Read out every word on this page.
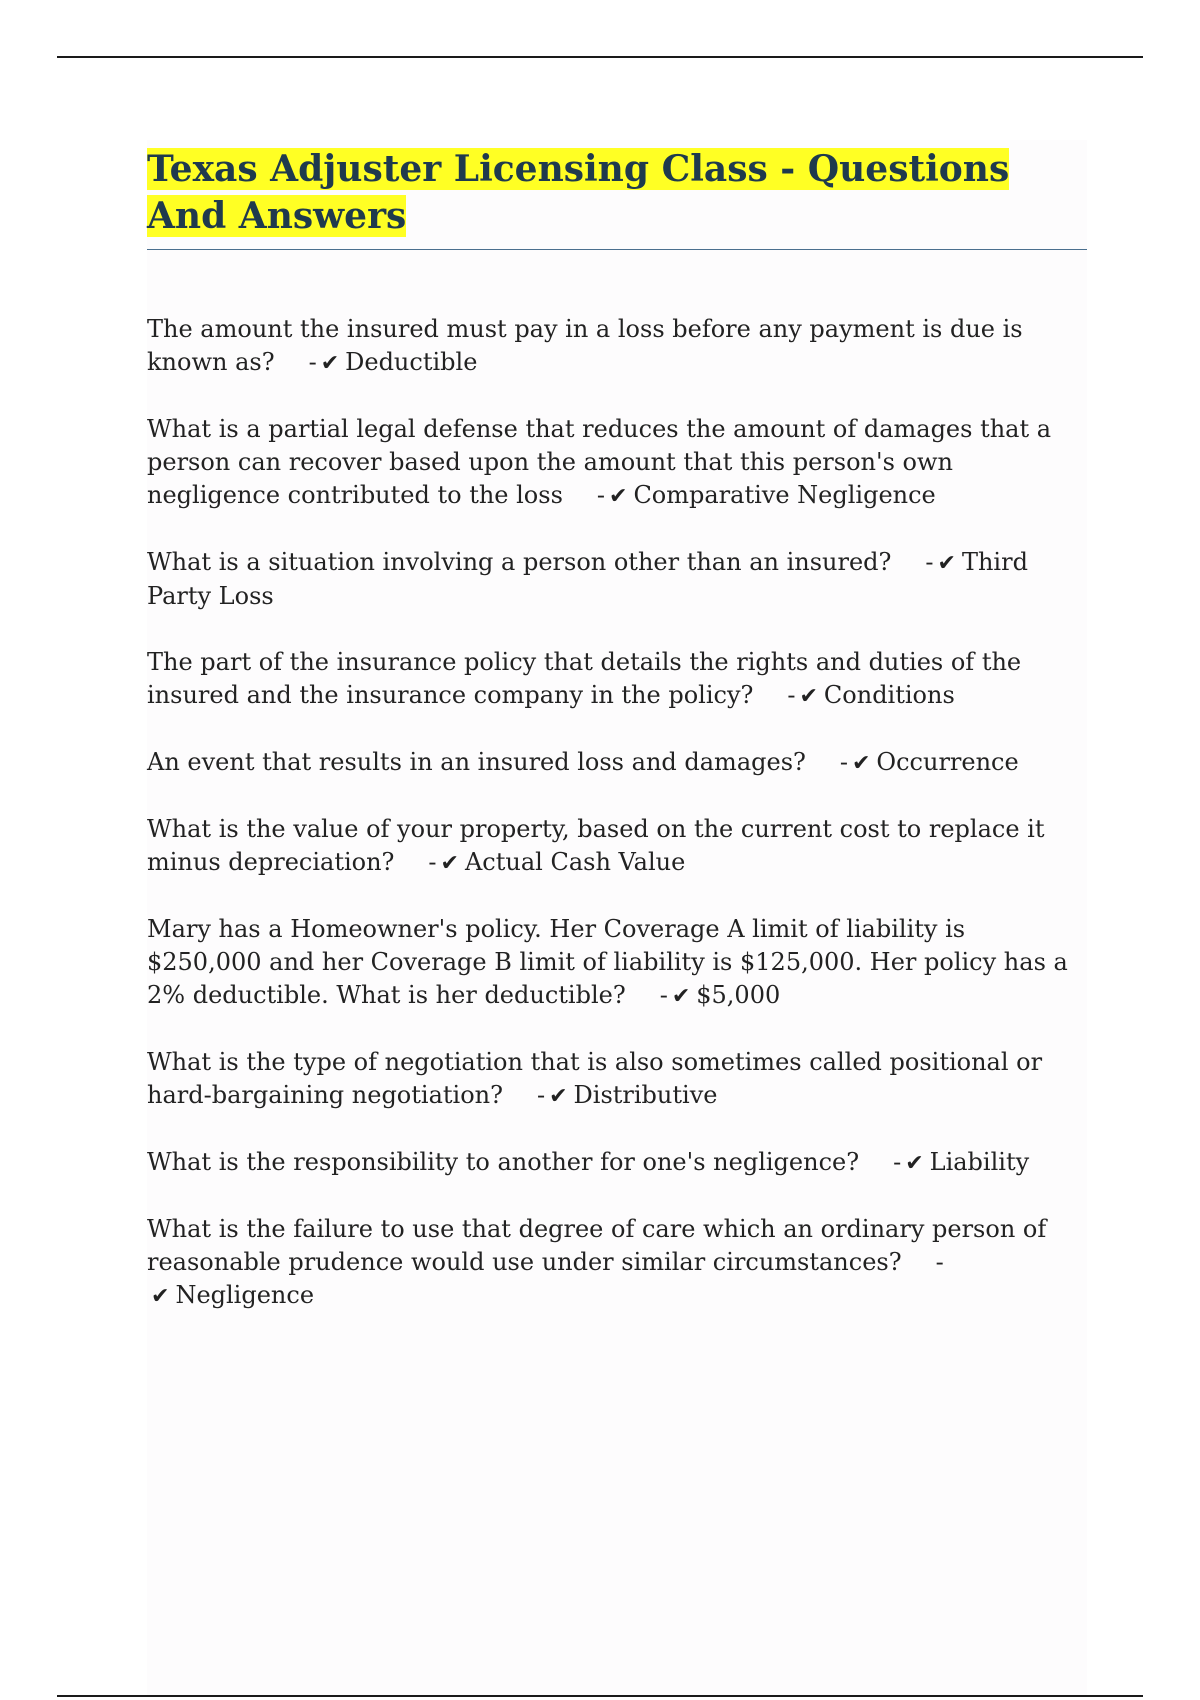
Texas Adjuster Licensing Class - Questions And Answers

The amount the insured must pay in a loss before any payment is due is known as? - ✔ Deductible

What is a partial legal defense that reduces the amount of damages that a person can recover based upon the amount that this person's own negligence contributed to the loss - ✔ Comparative Negligence

What is a situation involving a person other than an insured? - ✔ Third Party Loss

The part of the insurance policy that details the rights and duties of the insured and the insurance company in the policy? - ✔ Conditions

An event that results in an insured loss and damages? - ✔ Occurrence

What is the value of your property, based on the current cost to replace it minus depreciation? - ✔ Actual Cash Value

Mary has a Homeowner's policy. Her Coverage A limit of liability is $250,000 and her Coverage B limit of liability is $125,000. Her policy has a 2% deductible. What is her deductible? - ✔ $5,000

What is the type of negotiation that is also sometimes called positional or hard-bargaining negotiation? - ✔ Distributive

What is the responsibility to another for one's negligence? - ✔ Liability

What is the failure to use that degree of care which an ordinary person of reasonable prudence would use under similar circumstances? -✔ Negligence
